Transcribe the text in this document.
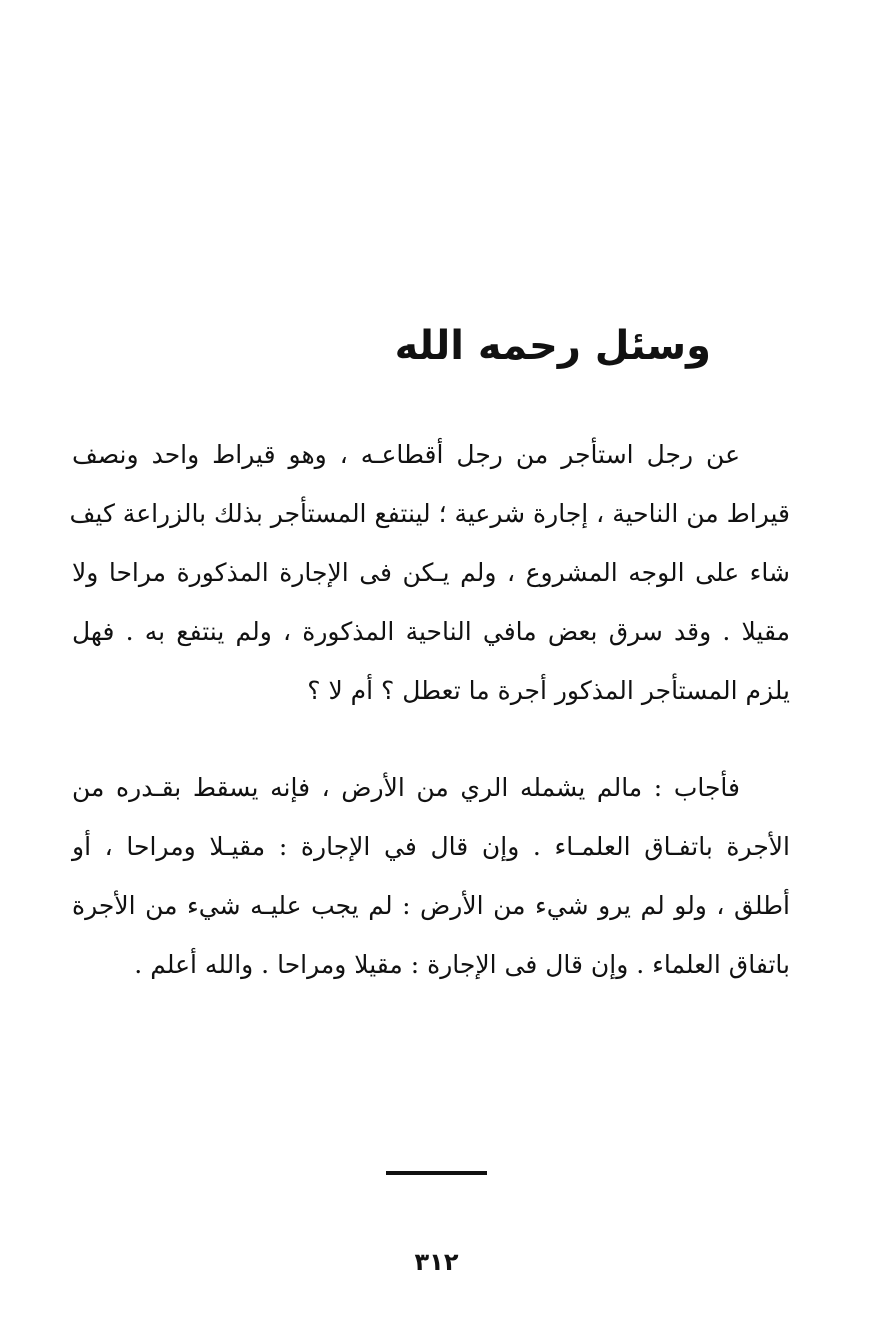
وسئل رحمه الله
عن رجل استأجر من رجل أقطاعـه ، وهو قيراط واحد ونصف
قيراط من الناحية ، إجارة شرعية ؛ لينتفع المستأجر بذلك بالزراعة كيف
شاء على الوجه المشروع ، ولم يـكن فى الإجارة المذكورة مراحا ولا
مقيلا . وقد سرق بعض مافي الناحية المذكورة ، ولم ينتفع به . فهل
يلزم المستأجر المذكور أجرة ما تعطل ؟ أم لا ؟
فأجاب : مالم يشمله الري من الأرض ، فإنه يسقط بقـدره من
الأجرة باتفـاق العلمـاء . وإن قال في الإجارة : مقيـلا ومراحا ، أو
أطلق ، ولو لم يرو شيء من الأرض : لم يجب عليـه شيء من الأجرة
باتفاق العلماء . وإن قال فى الإجارة : مقيلا ومراحا . والله أعلم .
٣١٢
